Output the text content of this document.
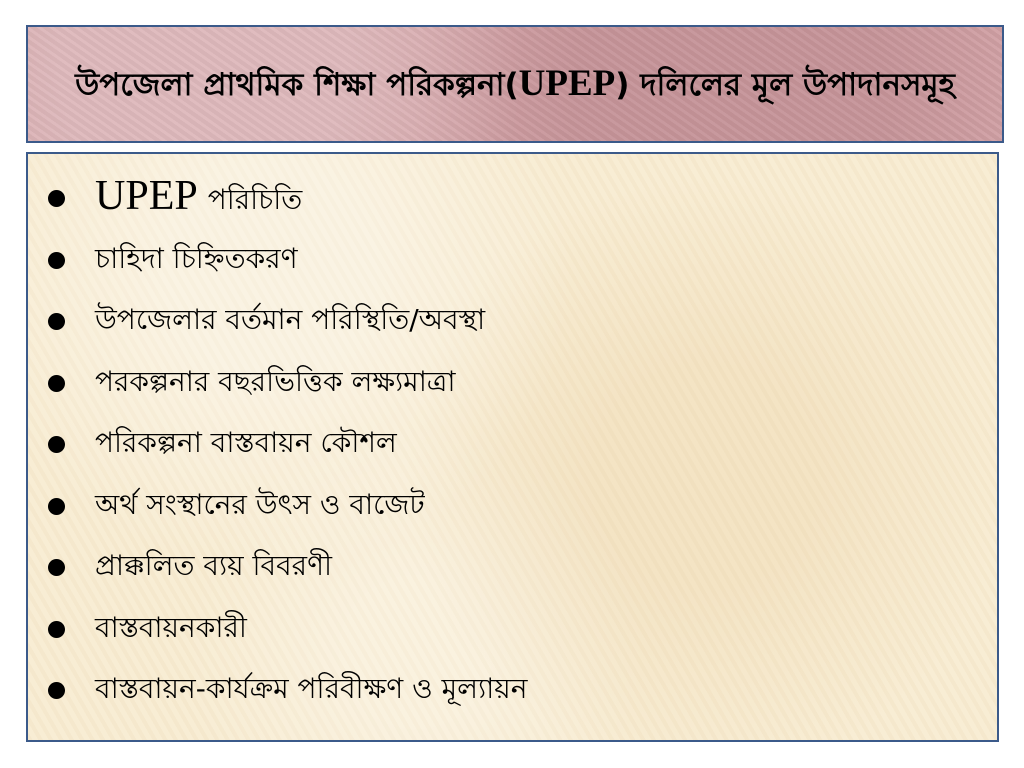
উপজেলা প্রাথমিক শিক্ষা পরিকল্পনা(UPEP) দলিলের মূল উপাদানসমূহ
UPEP পরিচিতি
চাহিদা চিহ্নিতকরণ
উপজেলার বর্তমান পরিস্থিতি/অবস্থা
পরকল্পনার বছরভিত্তিক লক্ষ্যমাত্রা
পরিকল্পনা বাস্তবায়ন কৌশল
অর্থ সংস্থানের উৎস ও বাজেট
প্রাক্কলিত ব্যয় বিবরণী
বাস্তবায়নকারী
বাস্তবায়ন-কার্যক্রম পরিবীক্ষণ ও মূল্যায়ন
